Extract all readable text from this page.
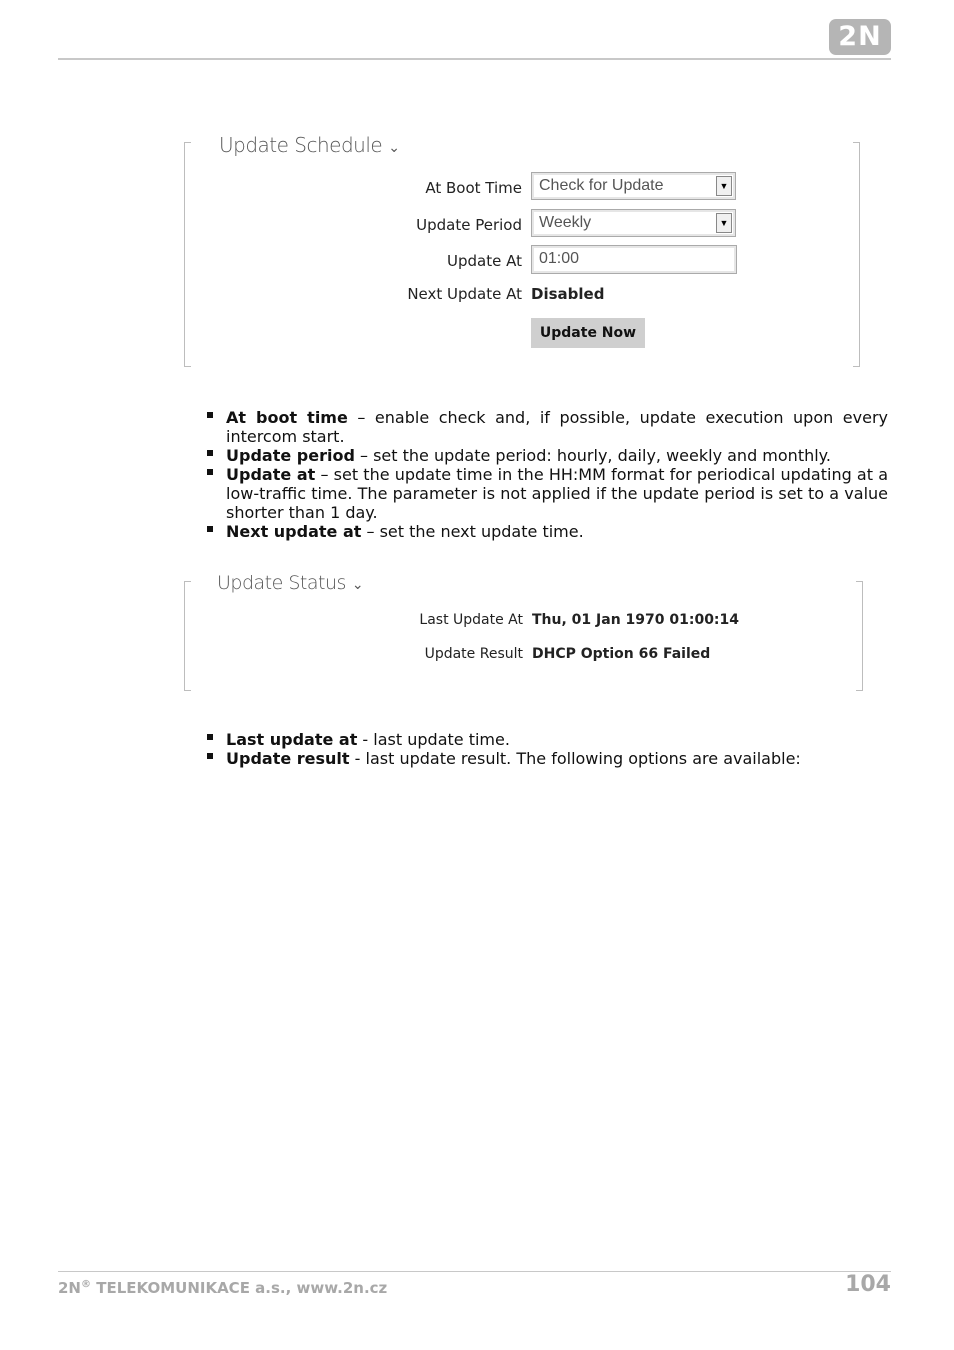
2N
Update Schedule ⌄
At Boot Time Check for Update	▼
Update Period Weekly	▼
Update At	01:00
Next Update At Disabled
Update Now
At boot time – enable check and, if possible, update execution upon every intercom start.
Update period – set the update period: hourly, daily, weekly and monthly.
Update at – set the update time in the HH:MM format for periodical updating at a low-traffic time. The parameter is not applied if the update period is set to a value shorter than 1 day.
Next update at – set the next update time.
Update Status ⌄
Last Update At Thu, 01 Jan 1970 01:00:14
Update Result DHCP Option 66 Failed
Last update at - last update time.
Update result - last update result. The following options are available:
2N® TELEKOMUNIKACE a.s., www.2n.cz	104
